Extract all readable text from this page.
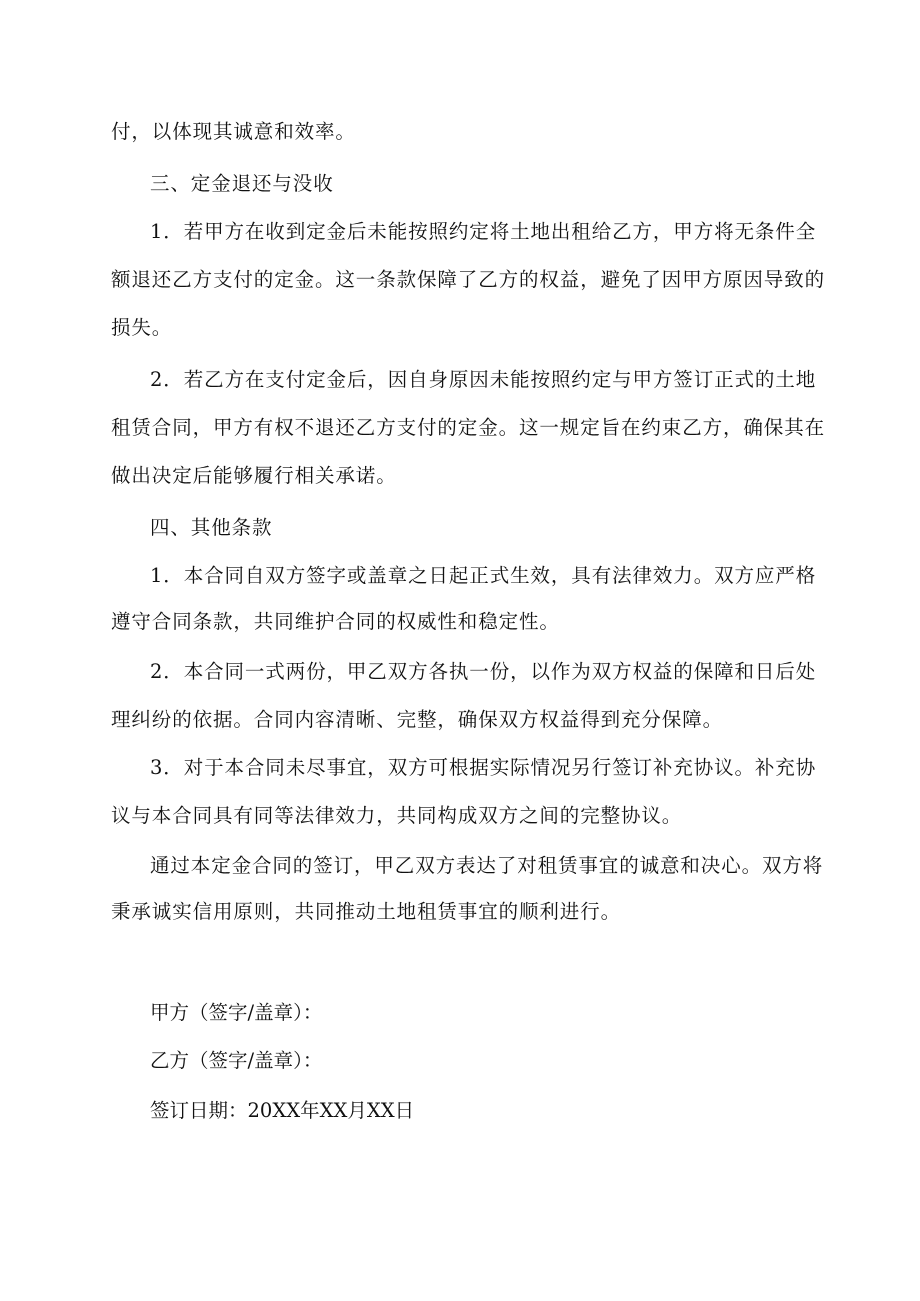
付，以体现其诚意和效率。
三、定金退还与没收
1．若甲方在收到定金后未能按照约定将土地出租给乙方，甲方将无条件全
额退还乙方支付的定金。这一条款保障了乙方的权益，避免了因甲方原因导致的
损失。
2．若乙方在支付定金后，因自身原因未能按照约定与甲方签订正式的土地
租赁合同，甲方有权不退还乙方支付的定金。这一规定旨在约束乙方，确保其在
做出决定后能够履行相关承诺。
四、其他条款
1．本合同自双方签字或盖章之日起正式生效，具有法律效力。双方应严格
遵守合同条款，共同维护合同的权威性和稳定性。
2．本合同一式两份，甲乙双方各执一份，以作为双方权益的保障和日后处
理纠纷的依据。合同内容清晰、完整，确保双方权益得到充分保障。
3．对于本合同未尽事宜，双方可根据实际情况另行签订补充协议。补充协
议与本合同具有同等法律效力，共同构成双方之间的完整协议。
通过本定金合同的签订，甲乙双方表达了对租赁事宜的诚意和决心。双方将
秉承诚实信用原则，共同推动土地租赁事宜的顺利进行。
甲方（签字/盖章）：
乙方（签字/盖章）：
签订日期：20XX年XX月XX日
